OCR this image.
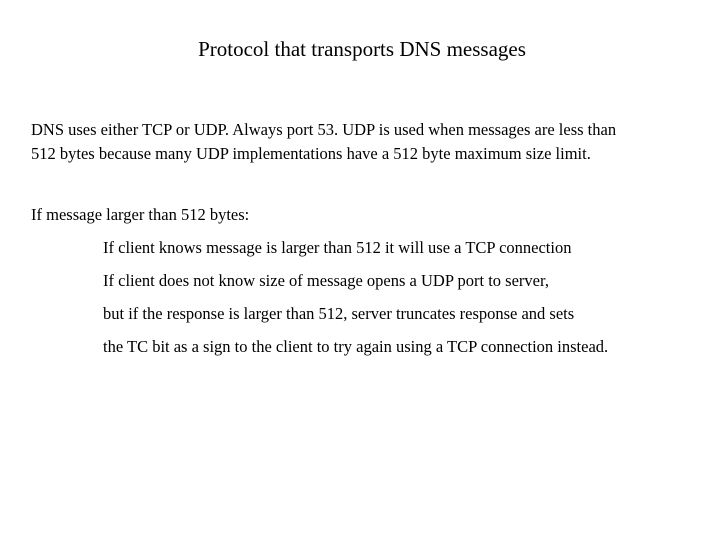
Protocol that transports DNS messages
DNS uses either TCP or UDP. Always port 53. UDP is used when messages are less than
512 bytes because many UDP implementations have a 512 byte maximum size limit.
If message larger than 512 bytes:
If client knows message is larger than 512 it will use a TCP connection
If client does not know size of message opens a UDP port to server,
but if the response is larger than 512, server truncates response and sets
the TC bit as a sign to the client to try again using a TCP connection instead.
